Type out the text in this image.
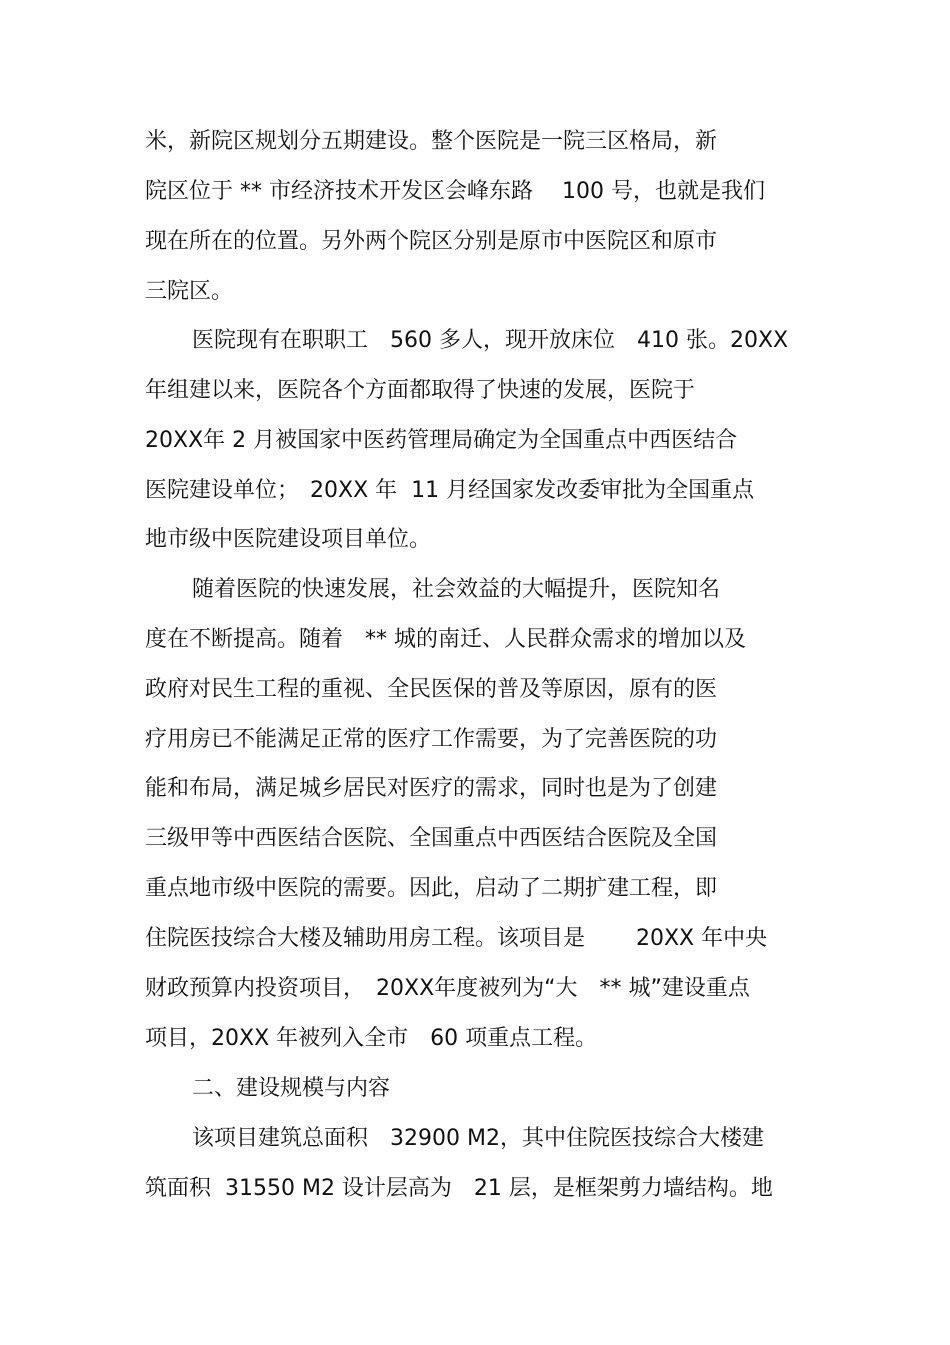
米，新院区规划分五期建设。整个医院是一院三区格局，新

院区位于 ** 市经济技术开发区会峰东路　 100 号，也就是我们

现在所在的位置。另外两个院区分别是原市中医院区和原市

三院区。

医院现有在职职工　560 多人，现开放床位　410 张。20XX

年组建以来，医院各个方面都取得了快速的发展，医院于

20XX年 2 月被国家中医药管理局确定为全国重点中西医结合

医院建设单位；　20XX 年  11 月经国家发改委审批为全国重点

地市级中医院建设项目单位。

随着医院的快速发展，社会效益的大幅提升，医院知名

度在不断提高。随着　** 城的南迁、人民群众需求的增加以及

政府对民生工程的重视、全民医保的普及等原因，原有的医

疗用房已不能满足正常的医疗工作需要，为了完善医院的功

能和布局，满足城乡居民对医疗的需求，同时也是为了创建

三级甲等中西医结合医院、全国重点中西医结合医院及全国

重点地市级中医院的需要。因此，启动了二期扩建工程，即

住院医技综合大楼及辅助用房工程。该项目是　　 20XX 年中央

财政预算内投资项目，　20XX年度被列为“大　** 城”建设重点

项目，20XX 年被列入全市　60 项重点工程。

二、建设规模与内容

该项目建筑总面积　32900 M2，其中住院医技综合大楼建

筑面积  31550 M2 设计层高为　21 层，是框架剪力墙结构。地
